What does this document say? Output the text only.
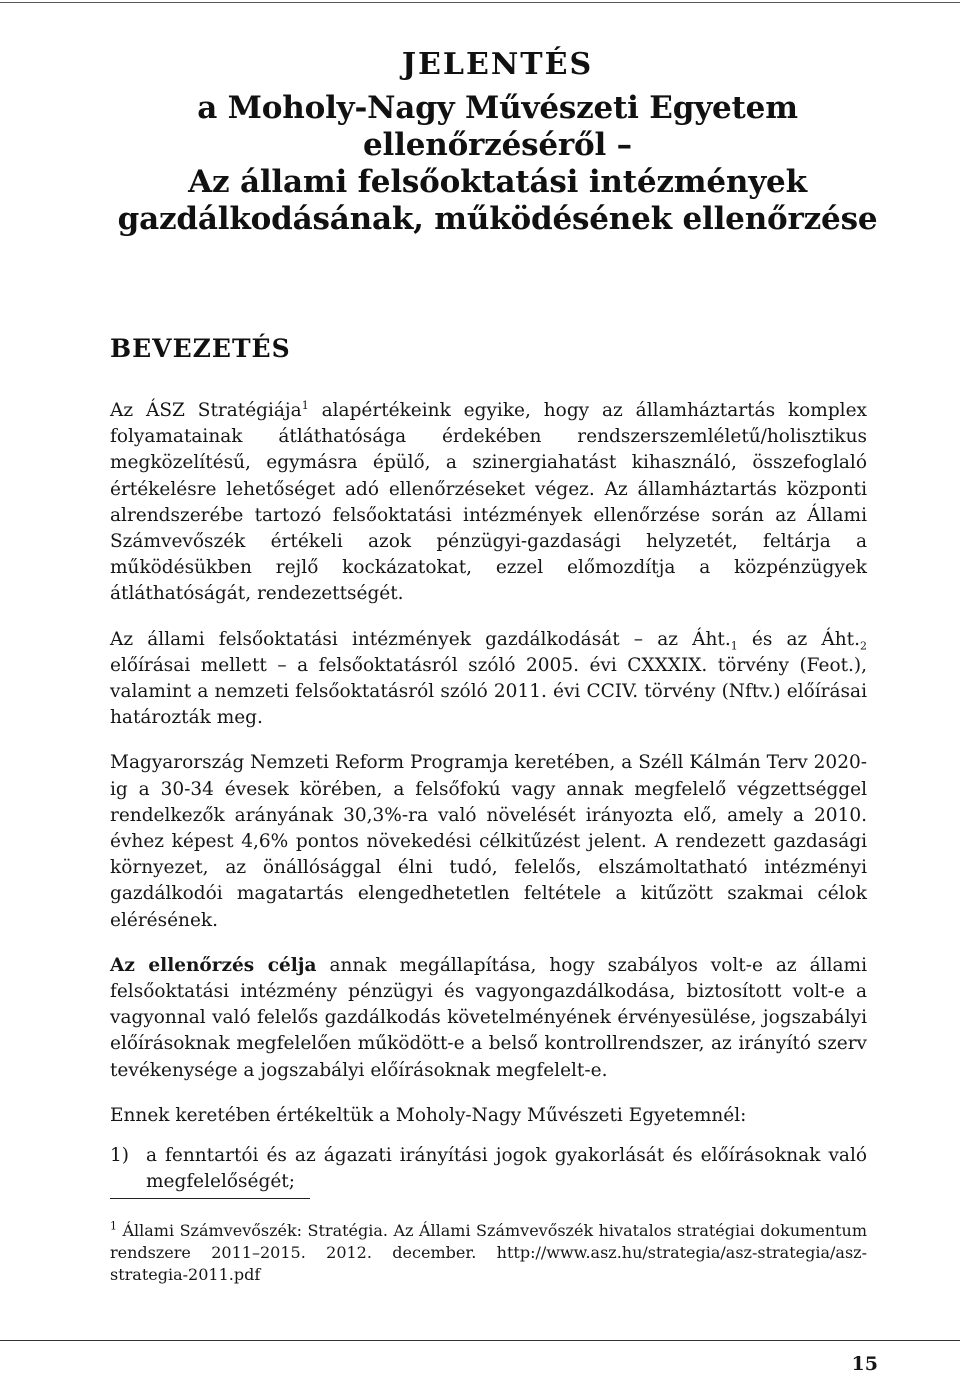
JELENTÉS
a Moholy-Nagy Művészeti Egyetem
ellenőrzéséről –
Az állami felsőoktatási intézmények
gazdálkodásának, működésének ellenőrzése
BEVEZETÉS

Az ÁSZ Stratégiája$^1$ alapértékeink egyike, hogy az államháztartás komplex folyamatainak átláthatósága érdekében rendszerszemléletű/holisztikus megközelítésű, egymásra épülő, a szinergiahatást kihasználó, összefoglaló értékelésre lehetőséget adó ellenőrzéseket végez. Az államháztartás központi alrendszerébe tartozó felsőoktatási intézmények ellenőrzése során az Állami Számvevőszék értékeli azok pénzügyi-gazdasági helyzetét, feltárja a működésükben rejlő kockázatokat, ezzel előmozdítja a közpénzügyek átláthatóságát, rendezettségét.

Az állami felsőoktatási intézmények gazdálkodását – az $Áht._1$ és az $Áht._2$ előírásai mellett – a felsőoktatásról szóló 2005. évi CXXXIX. törvény (Feot.), valamint a nemzeti felsőoktatásról szóló 2011. évi CCIV. törvény (Nftv.) előírásai határozták meg.

Magyarország Nemzeti Reform Programja keretében, a Széll Kálmán Terv 2020-ig a 30-34 évesek körében, a felsőfokú vagy annak megfelelő végzettséggel rendelkezők arányának 30,3%-ra való növelését irányozta elő, amely a 2010. évhez képest 4,6% pontos növekedési célkitűzést jelent. A rendezett gazdasági környezet, az önállósággal élni tudó, felelős, elszámoltatható intézményi gazdálkodói magatartás elengedhetetlen feltétele a kitűzött szakmai célok elérésének.

Az ellenőrzés célja annak megállapítása, hogy szabályos volt-e az állami felsőoktatási intézmény pénzügyi és vagyongazdálkodása, biztosított volt-e a vagyonnal való felelős gazdálkodás követelményének érvényesülése, jogszabályi előírásoknak megfelelően működött-e a belső kontrollrendszer, az irányító szerv tevékenysége a jogszabályi előírásoknak megfelelt-e.

Ennek keretében értékeltük a Moholy-Nagy Művészeti Egyetemnél:

1) a fenntartói és az ágazati irányítási jogok gyakorlását és előírásoknak való megfelelőségét;
$^1$ Állami Számvevőszék: Stratégia. Az Állami Számvevőszék hivatalos stratégiai dokumentum rendszere 2011–2015. 2012. december. http://www.asz.hu/strategia/asz-strategia/asz-strategia-2011.pdf
15
